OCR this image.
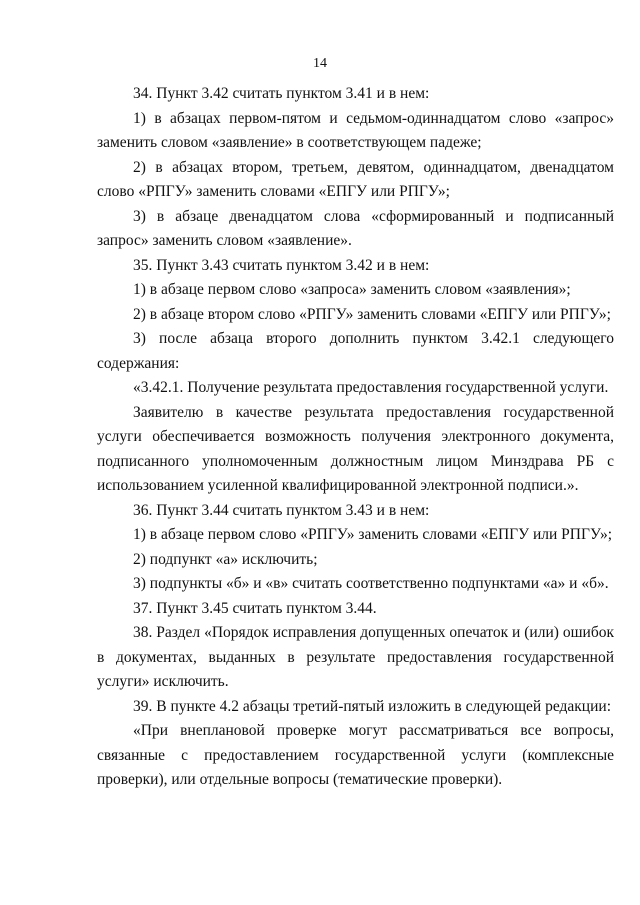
14

34. Пункт 3.42 считать пунктом 3.41 и в нем:

1) в абзацах первом-пятом и седьмом-одиннадцатом слово «запрос» заменить словом «заявление» в соответствующем падеже;

2) в абзацах втором, третьем, девятом, одиннадцатом, двенадцатом слово «РПГУ» заменить словами «ЕПГУ или РПГУ»;

3) в абзаце двенадцатом слова «сформированный и подписанный запрос» заменить словом «заявление».

35. Пункт 3.43 считать пунктом 3.42 и в нем:

1) в абзаце первом слово «запроса» заменить словом «заявления»;

2) в абзаце втором слово «РПГУ» заменить словами «ЕПГУ или РПГУ»;

3) после абзаца второго дополнить пунктом 3.42.1 следующего содержания:

«3.42.1. Получение результата предоставления государственной услуги.

Заявителю в качестве результата предоставления государственной услуги обеспечивается возможность получения электронного документа, подписанного уполномоченным должностным лицом Минздрава РБ с использованием усиленной квалифицированной электронной подписи.».

36. Пункт 3.44 считать пунктом 3.43 и в нем:

1) в абзаце первом слово «РПГУ» заменить словами «ЕПГУ или РПГУ»;

2) подпункт «а» исключить;

3) подпункты «б» и «в» считать соответственно подпунктами «а» и «б».

37. Пункт 3.45 считать пунктом 3.44.

38. Раздел «Порядок исправления допущенных опечаток и (или) ошибок в документах, выданных в результате предоставления государственной услуги» исключить.

39. В пункте 4.2 абзацы третий-пятый изложить в следующей редакции:

«При внеплановой проверке могут рассматриваться все вопросы, связанные с предоставлением государственной услуги (комплексные проверки), или отдельные вопросы (тематические проверки).
